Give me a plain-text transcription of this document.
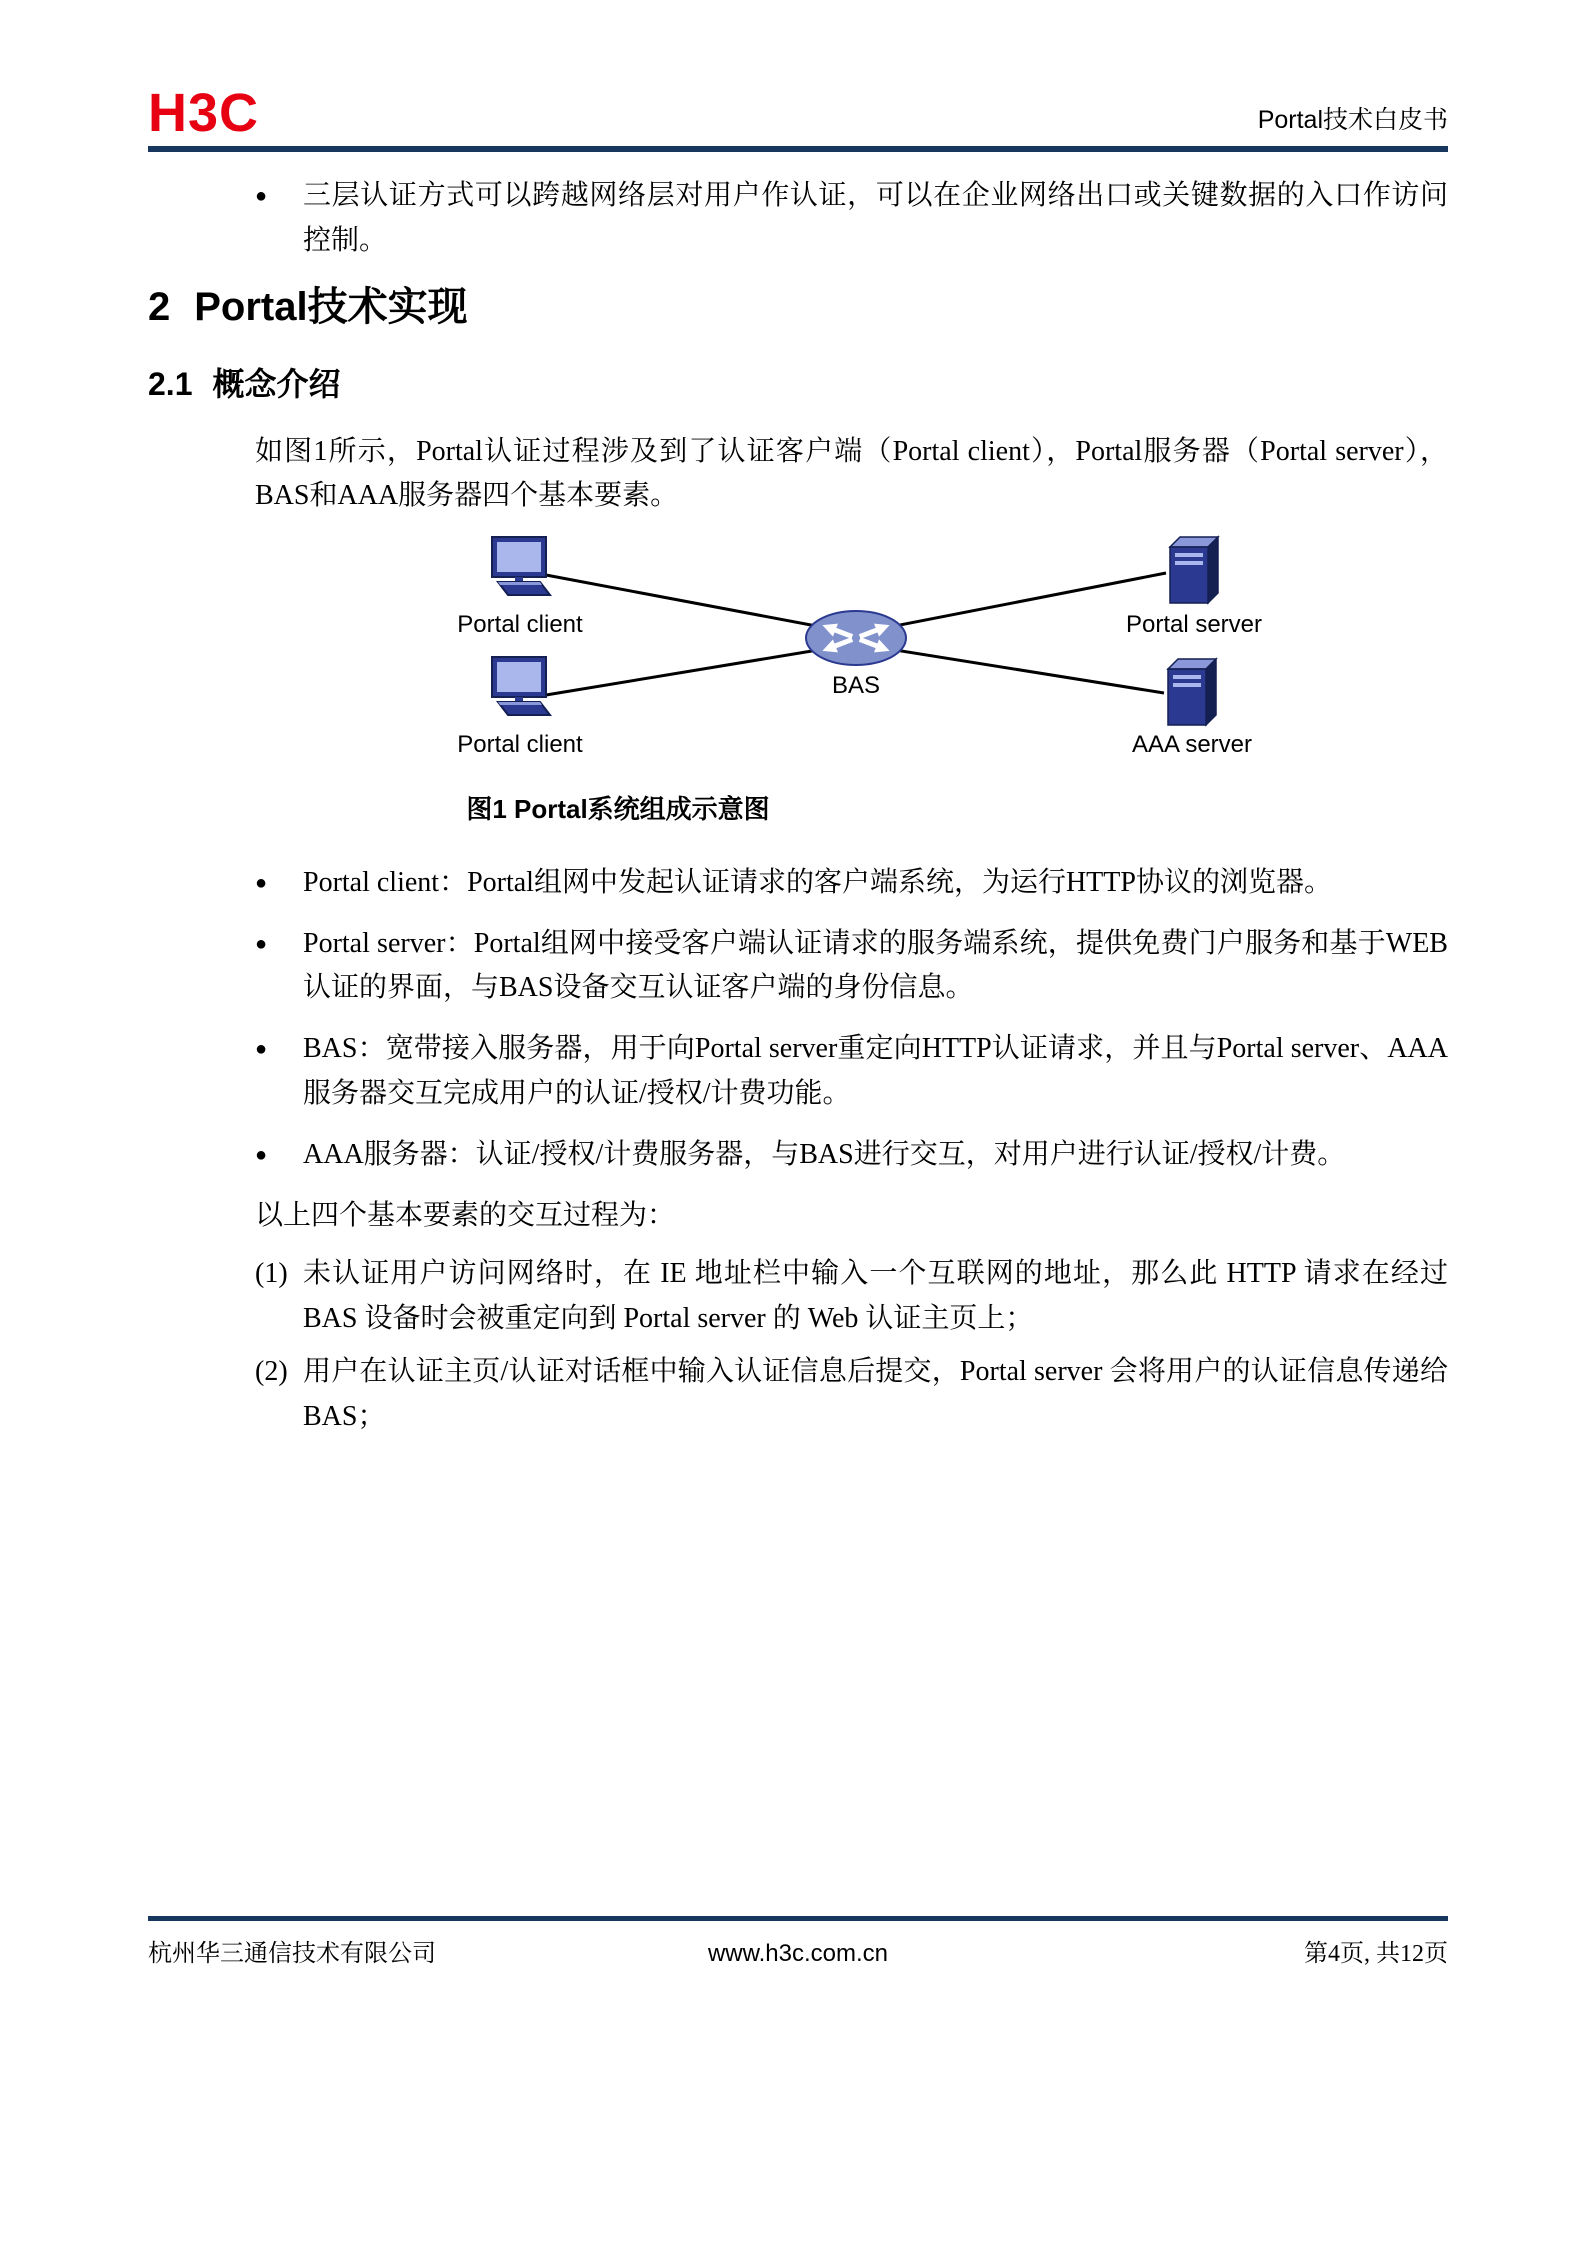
H3C	Portal技术白皮书
●	三层认证方式可以跨越网络层对用户作认证，可以在企业网络出口或关键数据的入口作访问控制。
2 Portal技术实现
2.1 概念介绍

如图1所示，Portal认证过程涉及到了认证客户端（Portal client），Portal服务器（Portal server），BAS和AAA服务器四个基本要素。

Portal client
Portal client
Portal server
AAA server
BAS
图1 Portal系统组成示意图
●	Portal client：Portal组网中发起认证请求的客户端系统，为运行HTTP协议的浏览器。
●	Portal server：Portal组网中接受客户端认证请求的服务端系统，提供免费门户服务和基于WEB认证的界面，与BAS设备交互认证客户端的身份信息。
●	BAS：宽带接入服务器，用于向Portal server重定向HTTP认证请求，并且与Portal server、AAA服务器交互完成用户的认证/授权/计费功能。
●	AAA服务器：认证/授权/计费服务器，与BAS进行交互，对用户进行认证/授权/计费。

以上四个基本要素的交互过程为：

(1) 未认证用户访问网络时，在 IE 地址栏中输入一个互联网的地址，那么此 HTTP 请求在经过 BAS 设备时会被重定向到 Portal server 的 Web 认证主页上；
(2) 用户在认证主页/认证对话框中输入认证信息后提交，Portal server 会将用户的认证信息传递给 BAS；
杭州华三通信技术有限公司	www.h3c.com.cn	第4页, 共12页
